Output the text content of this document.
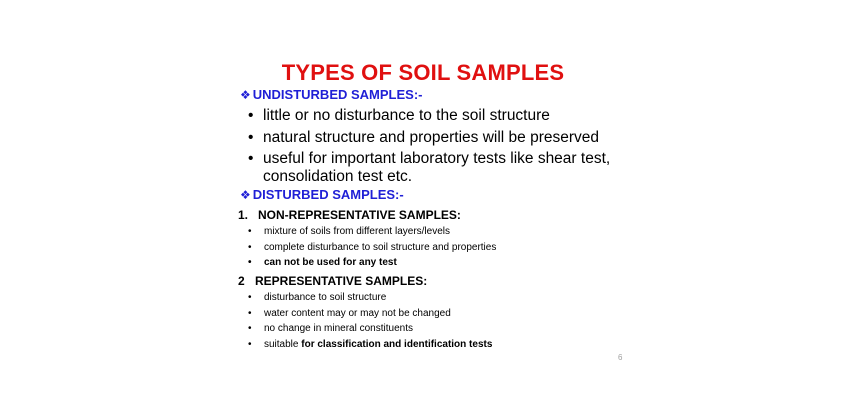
TYPES OF SOIL SAMPLES
❖ UNDISTURBED SAMPLES:-
• little or no disturbance to the soil structure
• natural structure and properties will be preserved
• useful for important laboratory tests like shear test, consolidation test etc.
❖ DISTURBED SAMPLES:-
1. NON-REPRESENTATIVE SAMPLES:
• mixture of soils from different layers/levels
• complete disturbance to soil structure and properties
• can not be used for any test
2 REPRESENTATIVE SAMPLES:
• disturbance to soil structure
• water content may or may not be changed
• no change in mineral constituents
• suitable for classification and identification tests
6
